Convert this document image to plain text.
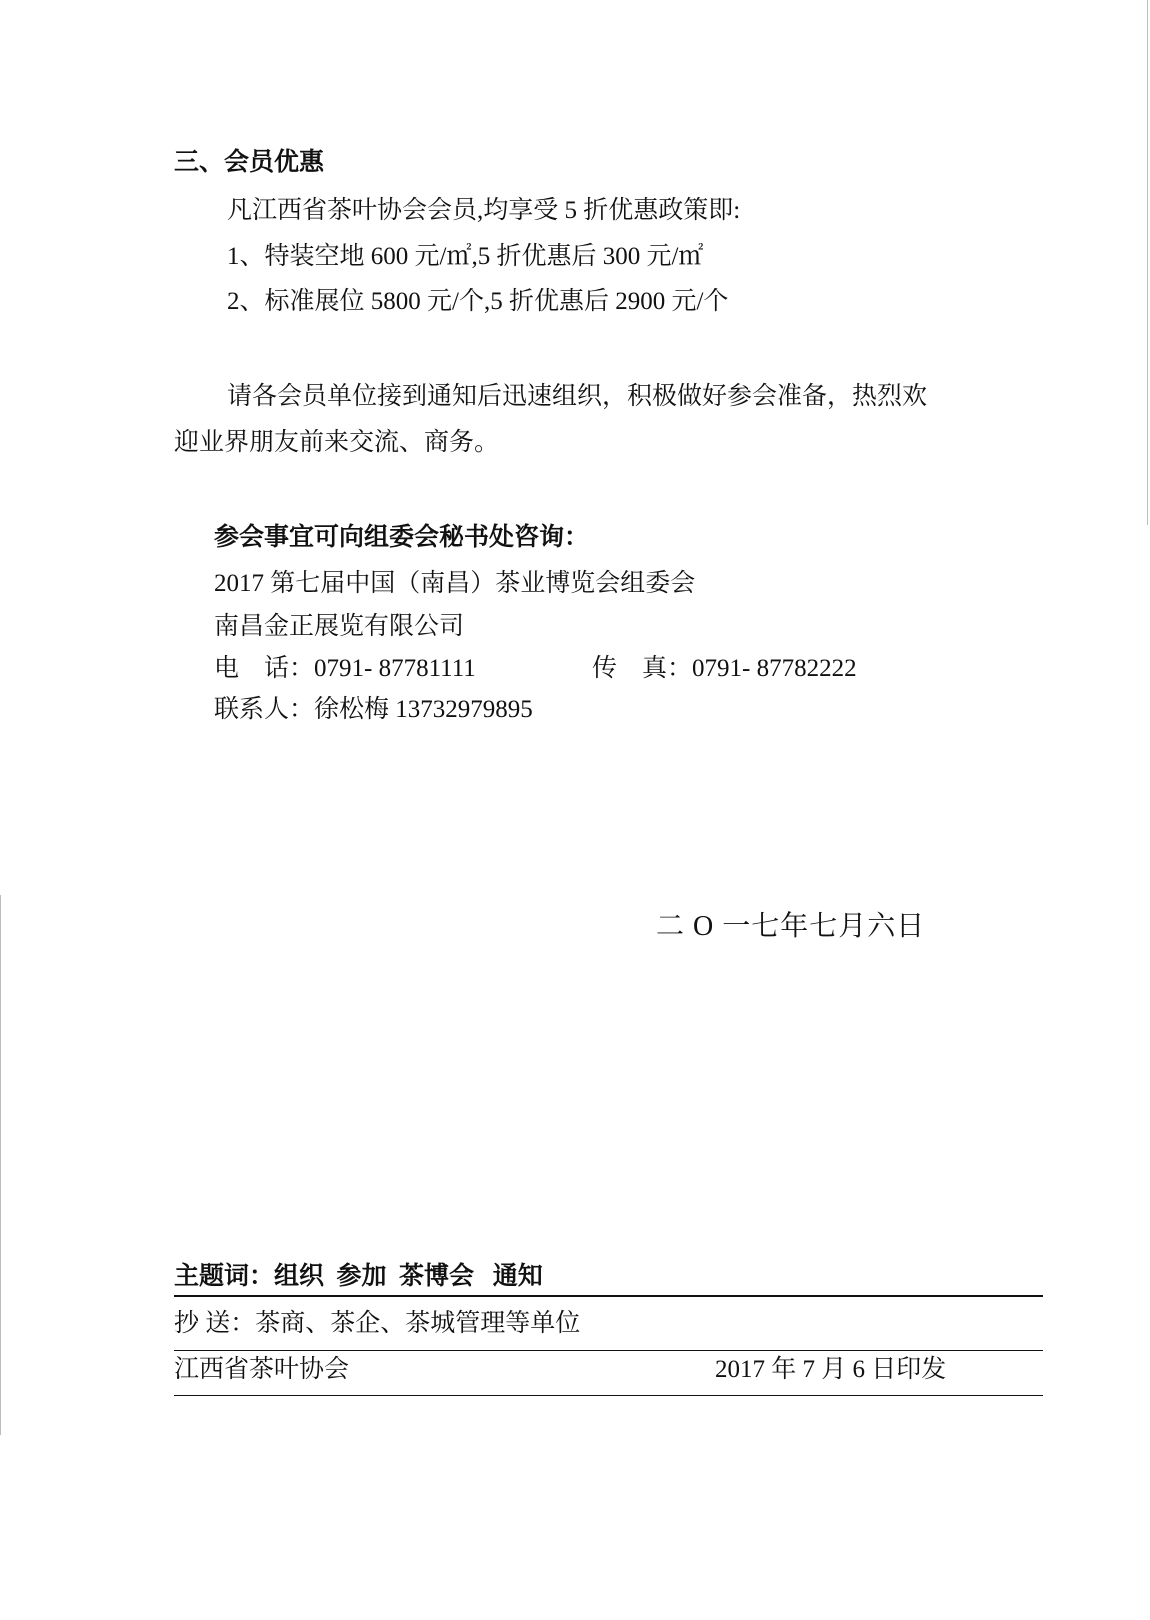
三、会员优惠

凡江西省茶叶协会会员,均享受 5 折优惠政策即:

1、特装空地 600 元/㎡,5 折优惠后 300 元/㎡

2、标准展位 5800 元/个,5 折优惠后 2900 元/个

请各会员单位接到通知后迅速组织，积极做好参会准备，热烈欢

迎业界朋友前来交流、商务。

参会事宜可向组委会秘书处咨询：

2017 第七届中国（南昌）茶业博览会组委会

南昌金正展览有限公司

电　话：0791- 87781111	传　真：0791- 87782222

联系人：徐松梅 13732979895

二 O 一七年七月六日

主题词：组织  参加  茶博会   通知

抄 送：茶商、茶企、茶城管理等单位

江西省茶叶协会	2017 年 7 月 6 日印发
